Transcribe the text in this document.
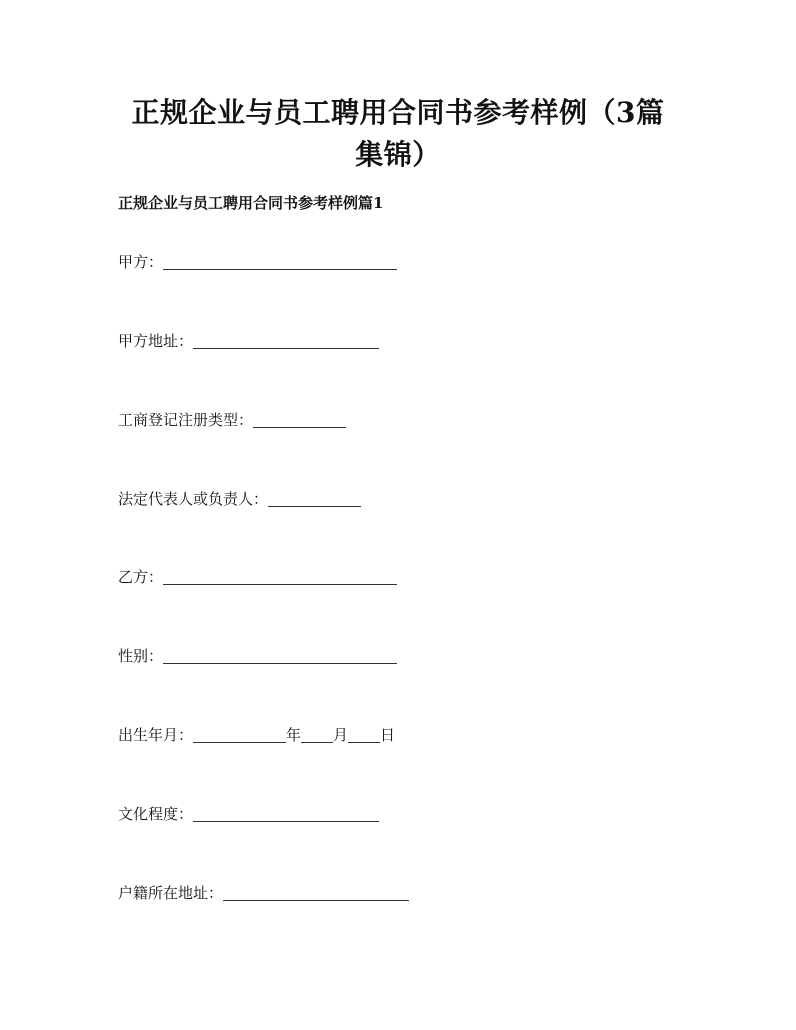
正规企业与员工聘用合同书参考样例（3篇
集锦）
正规企业与员工聘用合同书参考样例篇1
甲方：
甲方地址：
工商登记注册类型：
法定代表人或负责人：
乙方：
性别：
出生年月：	年 月 日
文化程度：
户籍所在地址：
